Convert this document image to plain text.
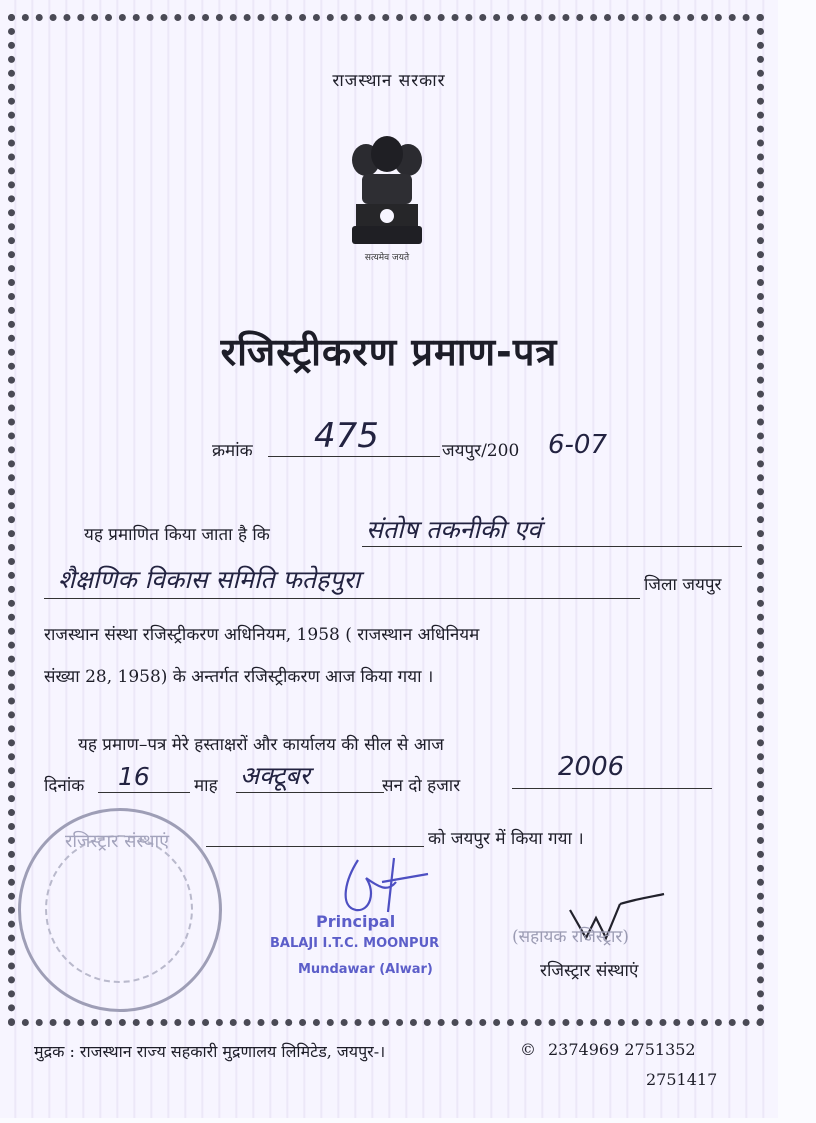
राजस्थान सरकार
सत्यमेव जयते
रजिस्ट्रीकरण प्रमाण-पत्र
क्रमांक 475	जयपुर/200 6-07
यह प्रमाणित किया जाता है कि	संतोष तकनीकी एवं
शैक्षणिक विकास समिति फतेहपुरा	जिला जयपुर
राजस्थान संस्था रजिस्ट्रीकरण अधिनियम, 1958 ( राजस्थान अधिनियम
संख्या 28, 1958) के अन्तर्गत रजिस्ट्रीकरण आज किया गया ।
यह प्रमाण–पत्र मेरे हस्ताक्षरों और कार्यालय की सील से आज
दिनांक 16	माह अक्टूबर	सन दो हजार
2006
को जयपुर में किया गया ।
रजिस्ट्रार संस्थाएं
Principal
BALAJI I.T.C. MOONPUR
Mundawar (Alwar)
(सहायक रजिस्ट्रार)
रजिस्ट्रार संस्थाएं
मुद्रक : राजस्थान राज्य सहकारी मुद्रणालय लिमिटेड, जयपुर-।	© 2374969 2751352
2751417
